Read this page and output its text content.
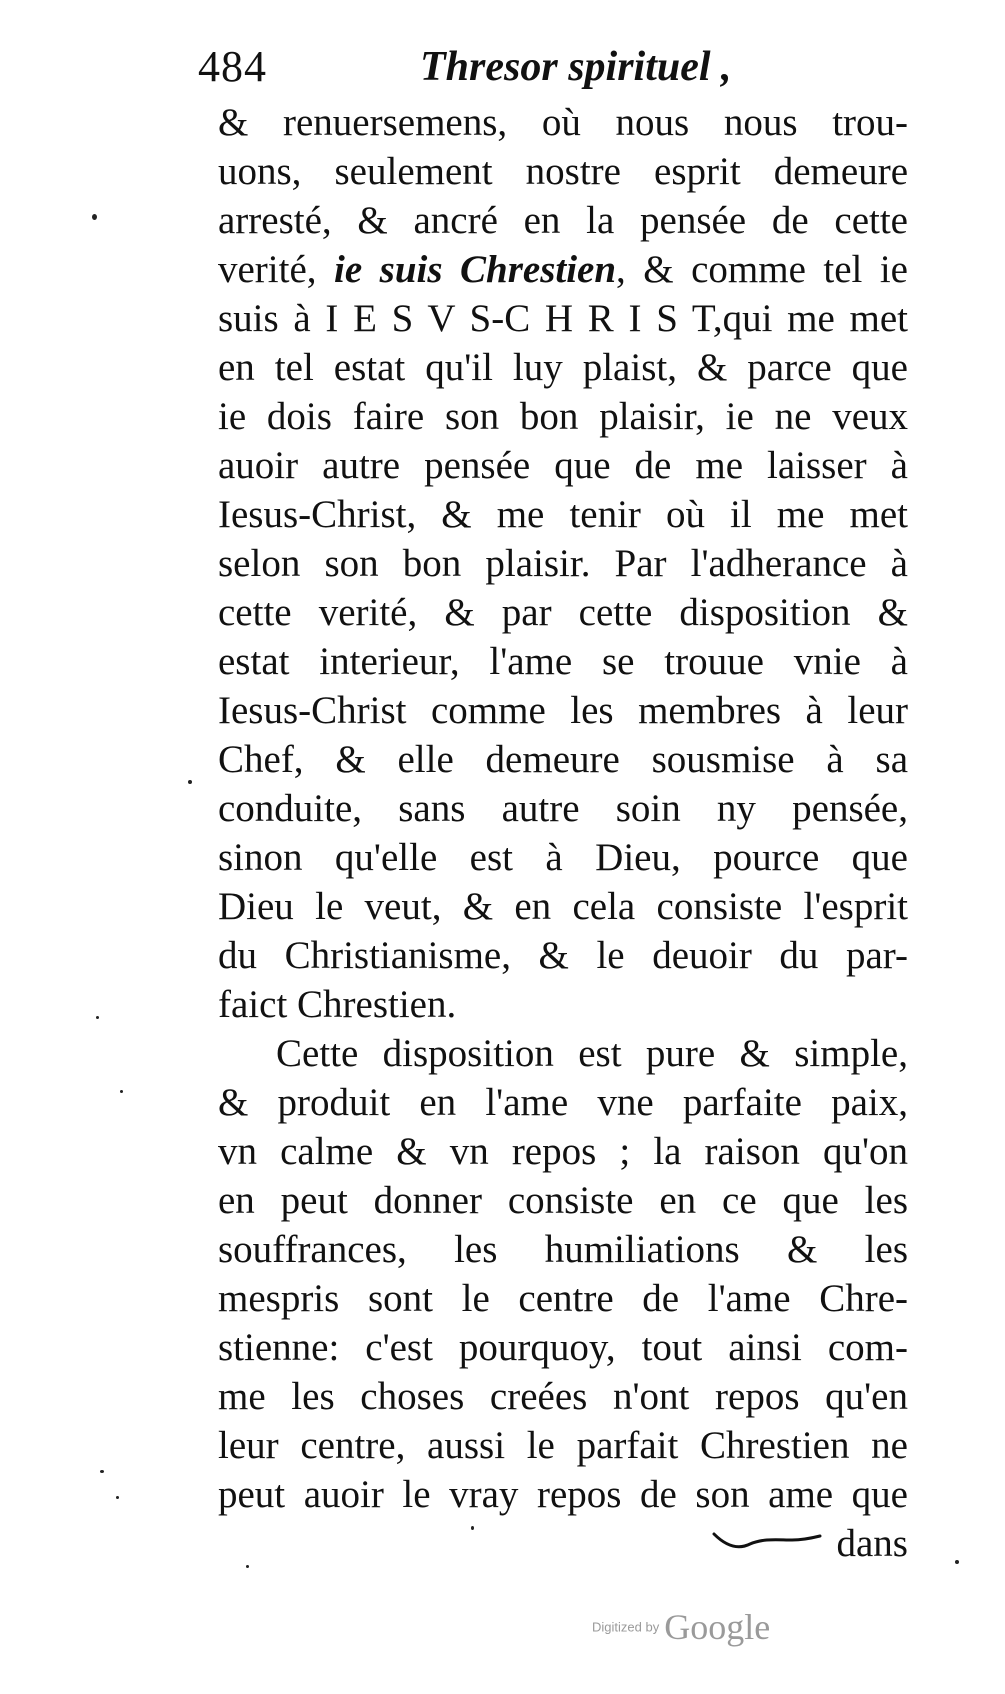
484	Thresor spirituel ,
& renuersemens, où nous nous trou-
uons, seulement nostre esprit demeure
arresté, & ancré en la pensée de cette
verité, ie suis Chrestien, & comme tel ie
suis à I E S V S-C H R I S T,qui me met
en tel estat qu'il luy plaist, & parce que
ie dois faire son bon plaisir, ie ne veux
auoir autre pensée que de me laisser à
Iesus-Christ, & me tenir où il me met
selon son bon plaisir. Par l'adherance à
cette verité, & par cette disposition &
estat interieur, l'ame se trouue vnie à
Iesus-Christ comme les membres à leur
Chef, & elle demeure sousmise à sa
conduite, sans autre soin ny pensée,
sinon qu'elle est à Dieu, pource que
Dieu le veut, & en cela consiste l'esprit
du Christianisme, & le deuoir du par-
faict Chrestien.
Cette disposition est pure & simple,
& produit en l'ame vne parfaite paix,
vn calme & vn repos ; la raison qu'on
en peut donner consiste en ce que les
souffrances, les humiliations & les
mespris sont le centre de l'ame Chre-
stienne: c'est pourquoy, tout ainsi com-
me les choses creées n'ont repos qu'en
leur centre, aussi le parfait Chrestien ne
peut auoir le vray repos de son ame que
dans
Digitized by Google
